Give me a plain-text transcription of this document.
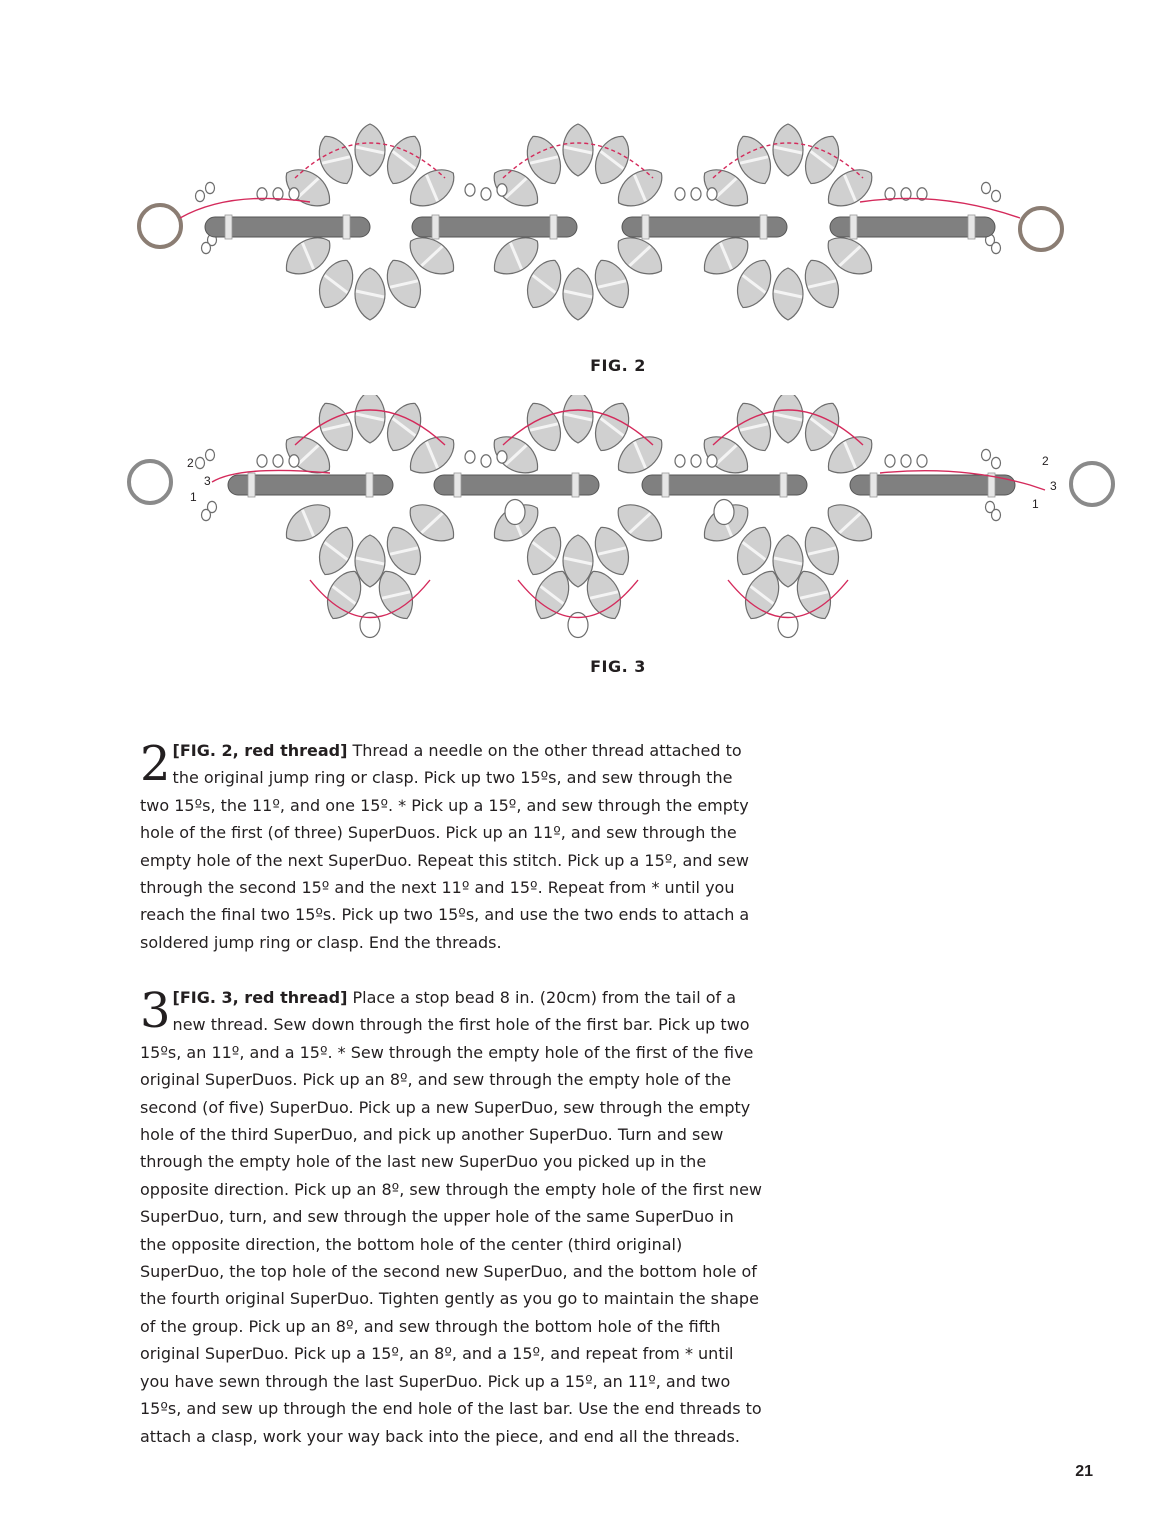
FIG. 2
2
3
1
2
3
1
FIG. 3
2 [FIG. 2, red thread] Thread a needle on the other thread attached to the original jump ring or clasp. Pick up two 15ºs, and sew through the two 15ºs, the 11º, and one 15º. * Pick up a 15º, and sew through the empty hole of the first (of three) SuperDuos. Pick up an 11º, and sew through the empty hole of the next SuperDuo. Repeat this stitch. Pick up a 15º, and sew through the second 15º and the next 11º and 15º. Repeat from * until you reach the final two 15ºs. Pick up two 15ºs, and use the two ends to attach a soldered jump ring or clasp. End the threads.
3 [FIG. 3, red thread] Place a stop bead 8 in. (20cm) from the tail of a new thread. Sew down through the first hole of the first bar. Pick up two 15ºs, an 11º, and a 15º. * Sew through the empty hole of the first of the five original SuperDuos. Pick up an 8º, and sew through the empty hole of the second (of five) SuperDuo. Pick up a new SuperDuo, sew through the empty hole of the third SuperDuo, and pick up another SuperDuo. Turn and sew through the empty hole of the last new SuperDuo you picked up in the opposite direction. Pick up an 8º, sew through the empty hole of the first new SuperDuo, turn, and sew through the upper hole of the same SuperDuo in the opposite direction, the bottom hole of the center (third original) SuperDuo, the top hole of the second new SuperDuo, and the bottom hole of the fourth original SuperDuo. Tighten gently as you go to maintain the shape of the group. Pick up an 8º, and sew through the bottom hole of the fifth original SuperDuo. Pick up a 15º, an 8º, and a 15º, and repeat from * until you have sewn through the last SuperDuo. Pick up a 15º, an 11º, and two 15ºs, and sew up through the end hole of the last bar. Use the end threads to attach a clasp, work your way back into the piece, and end all the threads.
21
